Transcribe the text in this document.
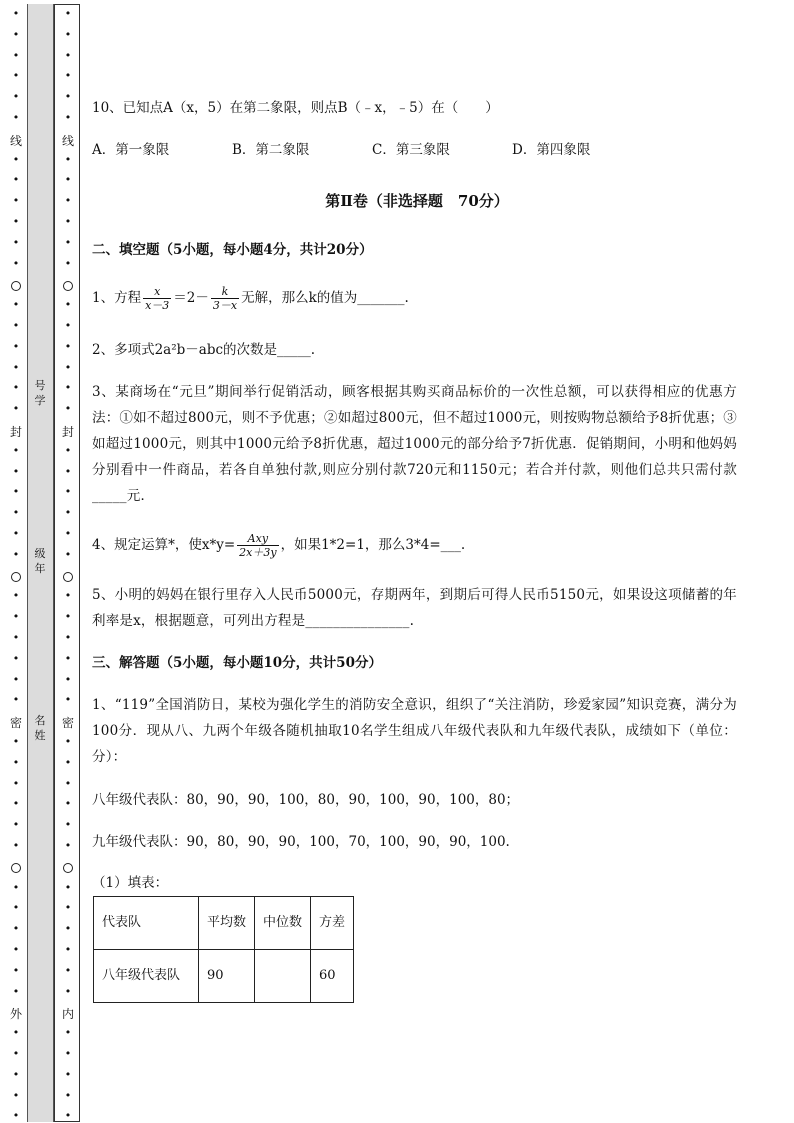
•
•
•
•
•
•
•
•
•
•
•
•
•
•
•
•
•
•
•
•
•
•
•
•
•
•
•
•
•
•
•
•
•
•
•
•
•
•
•
•
•
•
•
•
•
•
•
•
•
•
•
•
•
•
•
•
•
•
•
•
•
•
•
•
•
•
•
•
•
•
•
•
•
•
•
•
•
•
•
•
•
•
•
•
•
•
•
•
•
•
•
•
•
•
线
封
密
外
线
封
密
内
号学
级年
名姓
10、已知点A（x，5）在第二象限，则点B（﹣x，﹣5）在（　　）
A．第一象限	B．第二象限	C．第三象限	D．第四象限
第Ⅱ卷（非选择题　70分）
二、填空题（5小题，每小题4分，共计20分）
1、方程 $\frac{x}{x-3} =2- \frac{k}{3-x}$ 无解，那么k的值为_______.
2、多项式2a²b－abc的次数是_____.
3、某商场在“元旦”期间举行促销活动，顾客根据其购买商品标价的一次性总额，可以获得相应的优惠方法：①如不超过800元，则不予优惠；②如超过800元，但不超过1000元，则按购物总额给予8折优惠；③如超过1000元，则其中1000元给予8折优惠，超过1000元的部分给予7折优惠．促销期间，小明和他妈妈分别看中一件商品，若各自单独付款,则应分别付款720元和1150元；若合并付款，则他们总共只需付款_____元．
4、规定运算*，使$x*y= \frac{\text{Axy}}{2x+3y}$ ，如果1*2=1，那么3*4=___.
5、小明的妈妈在银行里存入人民币5000元，存期两年，到期后可得人民币5150元，如果设这项储蓄的年利率是x，根据题意，可列出方程是_______________.
三、解答题（5小题，每小题10分，共计50分）
1、“119”全国消防日，某校为强化学生的消防安全意识，组织了“关注消防，珍爱家园”知识竞赛，满分为100分．现从八、九两个年级各随机抽取10名学生组成八年级代表队和九年级代表队，成绩如下（单位：分）：
八年级代表队：80，90，90，100，80，90，100，90，100，80；
九年级代表队：90，80，90，90，100，70，100，90，90，100.
（1）填表：
代表队	平均数	中位数	方差
八年级代表队	90		60
